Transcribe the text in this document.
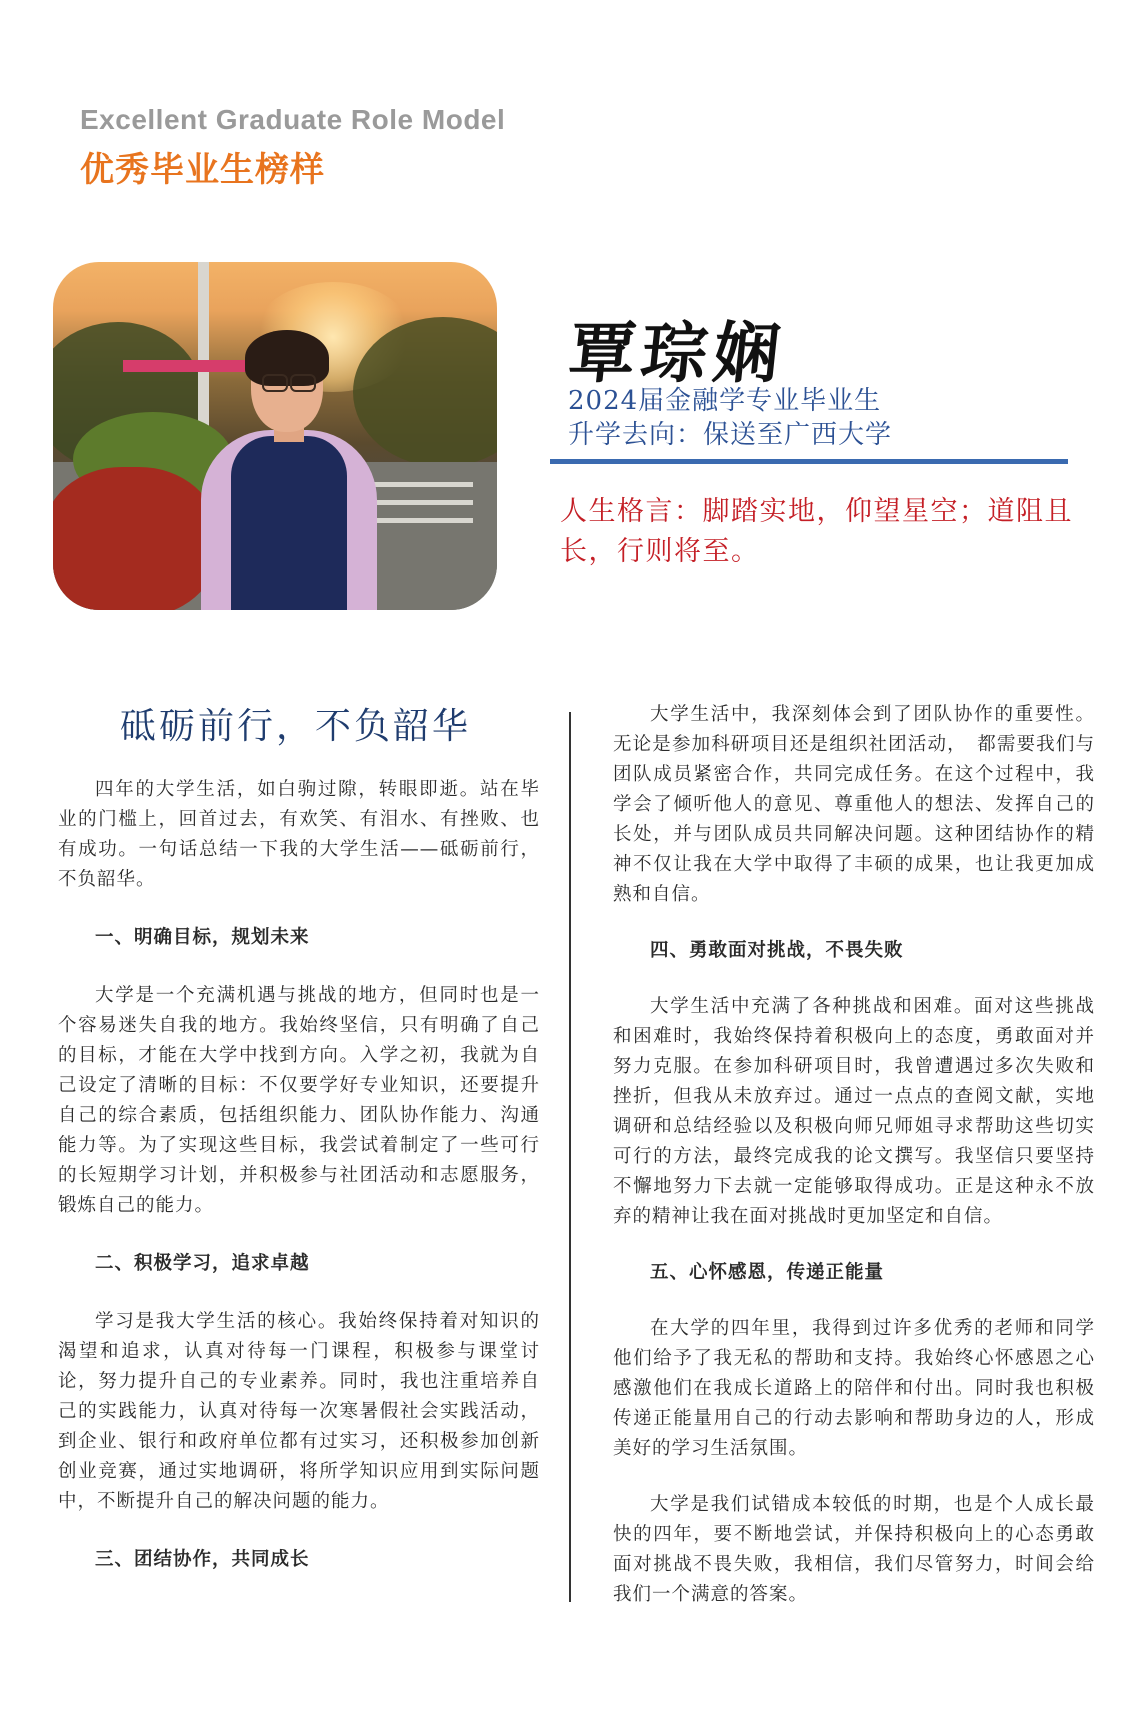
Excellent Graduate Role Model
优秀毕业生榜样
覃琮娴
2024届金融学专业毕业生
升学去向：保送至广西大学
人生格言：脚踏实地，仰望星空；道阻且长，行则将至。
砥砺前行，不负韶华

四年的大学生活，如白驹过隙，转眼即逝。站在毕业的门槛上，回首过去，有欢笑、有泪水、有挫败、也有成功。一句话总结一下我的大学生活——砥砺前行，不负韶华。

一、明确目标，规划未来

大学是一个充满机遇与挑战的地方，但同时也是一个容易迷失自我的地方。我始终坚信，只有明确了自己的目标，才能在大学中找到方向。入学之初，我就为自己设定了清晰的目标：不仅要学好专业知识，还要提升自己的综合素质，包括组织能力、团队协作能力、沟通能力等。为了实现这些目标，我尝试着制定了一些可行的长短期学习计划，并积极参与社团活动和志愿服务，锻炼自己的能力。

二、积极学习，追求卓越

学习是我大学生活的核心。我始终保持着对知识的渴望和追求，认真对待每一门课程，积极参与课堂讨论，努力提升自己的专业素养。同时，我也注重培养自己的实践能力，认真对待每一次寒暑假社会实践活动，到企业、银行和政府单位都有过实习，还积极参加创新创业竞赛，通过实地调研，将所学知识应用到实际问题中，不断提升自己的解决问题的能力。

三、团结协作，共同成长

大学生活中，我深刻体会到了团队协作的重要性。无论是参加科研项目还是组织社团活动，　都需要我们与团队成员紧密合作，共同完成任务。在这个过程中，我学会了倾听他人的意见、尊重他人的想法、发挥自己的长处，并与团队成员共同解决问题。这种团结协作的精神不仅让我在大学中取得了丰硕的成果，也让我更加成熟和自信。

四、勇敢面对挑战，不畏失败

大学生活中充满了各种挑战和困难。面对这些挑战和困难时，我始终保持着积极向上的态度，勇敢面对并努力克服。在参加科研项目时，我曾遭遇过多次失败和挫折，但我从未放弃过。通过一点点的查阅文献，实地调研和总结经验以及积极向师兄师姐寻求帮助这些切实可行的方法，最终完成我的论文撰写。我坚信只要坚持不懈地努力下去就一定能够取得成功。正是这种永不放弃的精神让我在面对挑战时更加坚定和自信。

五、心怀感恩，传递正能量

在大学的四年里，我得到过许多优秀的老师和同学他们给予了我无私的帮助和支持。我始终心怀感恩之心感激他们在我成长道路上的陪伴和付出。同时我也积极传递正能量用自己的行动去影响和帮助身边的人，形成美好的学习生活氛围。

大学是我们试错成本较低的时期，也是个人成长最快的四年，要不断地尝试，并保持积极向上的心态勇敢面对挑战不畏失败，我相信，我们尽管努力，时间会给我们一个满意的答案。
